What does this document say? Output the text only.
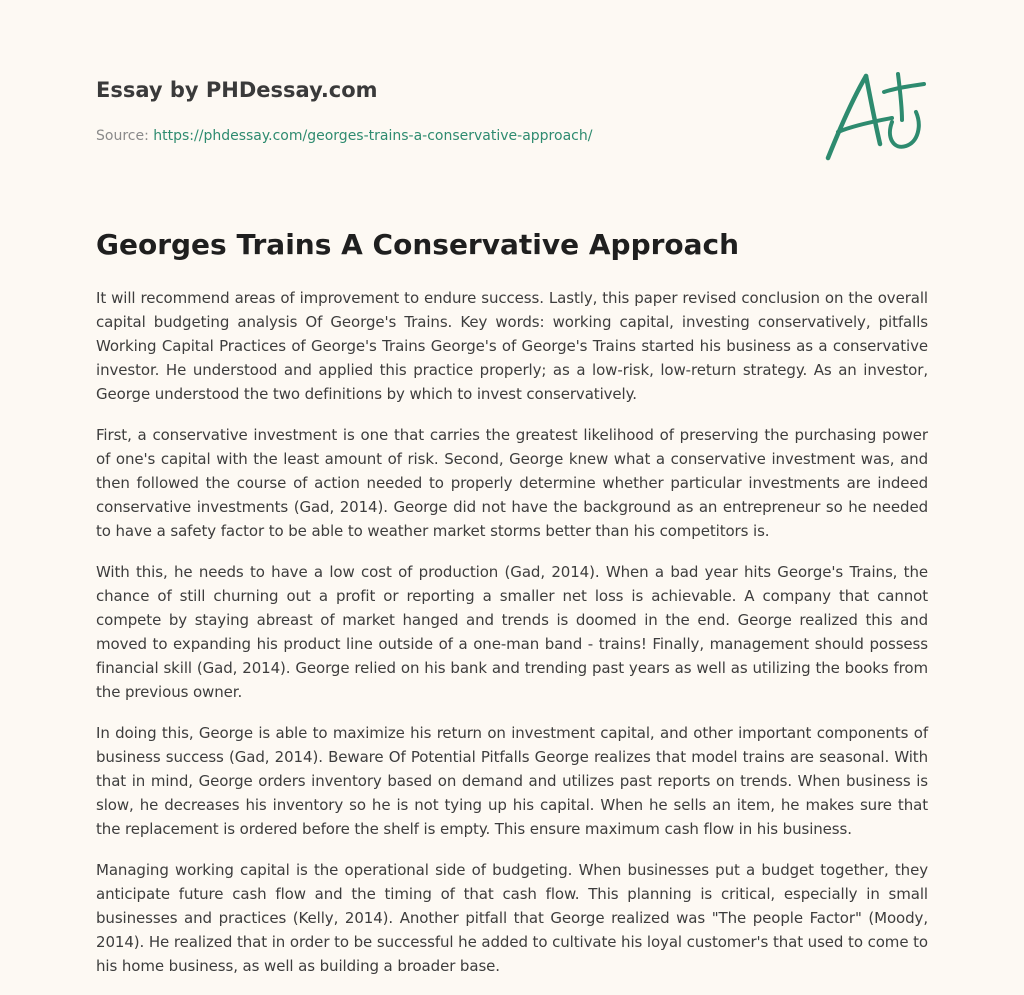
Essay by PHDessay.com
Source: https://phdessay.com/georges-trains-a-conservative-approach/
Georges Trains A Conservative Approach

It will recommend areas of improvement to endure success. Lastly, this paper revised conclusion on the overall capital budgeting analysis Of George's Trains. Key words: working capital, investing conservatively, pitfalls Working Capital Practices of George's Trains George's of George's Trains started his business as a conservative investor. He understood and applied this practice properly; as a low-risk, low-return strategy. As an investor, George understood the two definitions by which to invest conservatively.

First, a conservative investment is one that carries the greatest likelihood of preserving the purchasing power of one's capital with the least amount of risk. Second, George knew what a conservative investment was, and then followed the course of action needed to properly determine whether particular investments are indeed conservative investments (Gad, 2014). George did not have the background as an entrepreneur so he needed to have a safety factor to be able to weather market storms better than his competitors is.

With this, he needs to have a low cost of production (Gad, 2014). When a bad year hits George's Trains, the chance of still churning out a profit or reporting a smaller net loss is achievable. A company that cannot compete by staying abreast of market hanged and trends is doomed in the end. George realized this and moved to expanding his product line outside of a one-man band - trains! Finally, management should possess financial skill (Gad, 2014). George relied on his bank and trending past years as well as utilizing the books from the previous owner.

In doing this, George is able to maximize his return on investment capital, and other important components of business success (Gad, 2014). Beware Of Potential Pitfalls George realizes that model trains are seasonal. With that in mind, George orders inventory based on demand and utilizes past reports on trends. When business is slow, he decreases his inventory so he is not tying up his capital. When he sells an item, he makes sure that the replacement is ordered before the shelf is empty. This ensure maximum cash flow in his business.

Managing working capital is the operational side of budgeting. When businesses put a budget together, they anticipate future cash flow and the timing of that cash flow. This planning is critical, especially in small businesses and practices (Kelly, 2014). Another pitfall that George realized was "The people Factor" (Moody, 2014). He realized that in order to be successful he added to cultivate his loyal customer's that used to come to his home business, as well as building a broader base.
